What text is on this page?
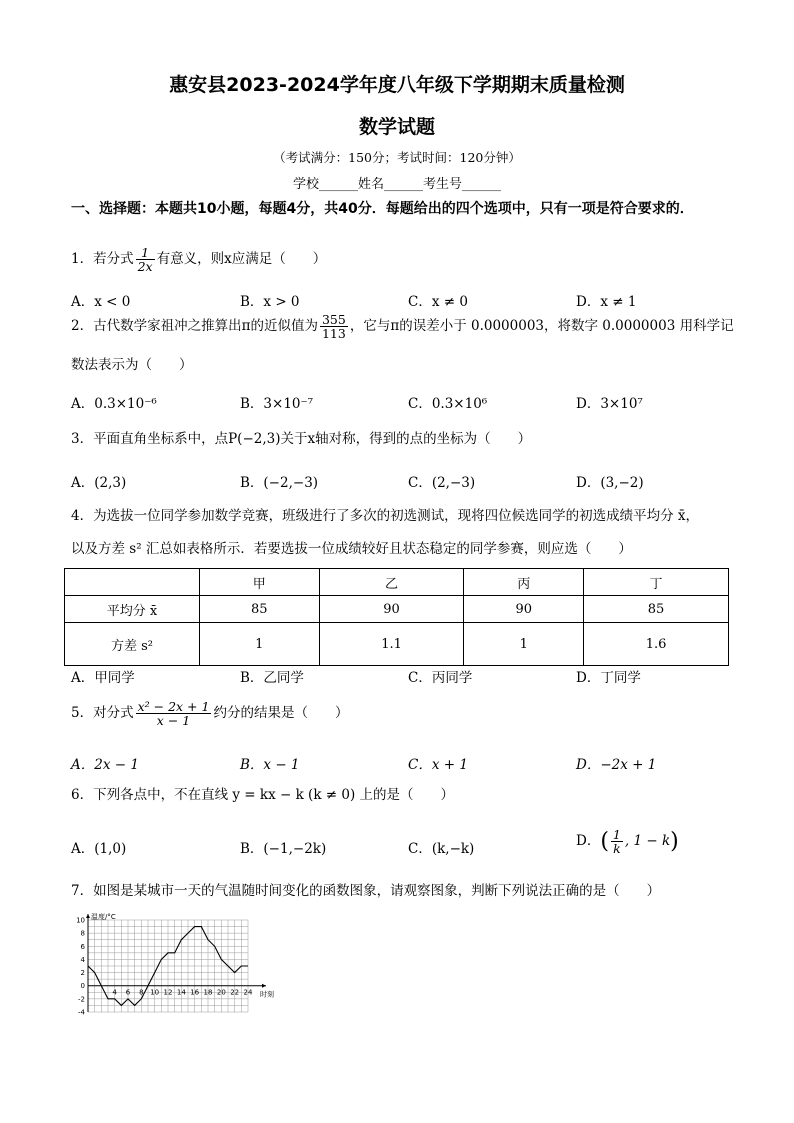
惠安县2023-2024学年度八年级下学期期末质量检测
数学试题
（考试满分：150分；考试时间：120分钟）
学校______姓名______考生号______
一、选择题：本题共10小题，每题4分，共40分．每题给出的四个选项中，只有一项是符合要求的．
1．若分式 $\frac{1}{2x}$ 有意义，则x应满足（　　）
A．x < 0	B．x > 0	C．x ≠ 0	D．x ≠ 1
2．古代数学家祖冲之推算出π的近似值为 $\frac{355}{113}$ ，它与π的误差小于 0.0000003，将数字 0.0000003 用科学记
数法表示为（　　）
A．0.3×10⁻⁶	B．3×10⁻⁷	C．0.3×10⁶	D．3×10⁷
3．平面直角坐标系中，点P(−2,3)关于x轴对称，得到的点的坐标为（　　）
A．(2,3)	B．(−2,−3)	C．(2,−3)	D．(3,−2)
4．为选拔一位同学参加数学竞赛，班级进行了多次的初选测试，现将四位候选同学的初选成绩平均分 x̄，
以及方差 s² 汇总如表格所示．若要选拔一位成绩较好且状态稳定的同学参赛，则应选（　　）
	甲	乙	丙	丁
平均分 x̄	85	90	90	85
方差 s²	1	1.1	1	1.6
A．甲同学	B．乙同学	C．丙同学	D．丁同学
5．对分式 $\frac{\text{x² − 2x + 1}}{x - 1}$ 约分的结果是（　　）
A．2x − 1	B．x − 1	C．x + 1	D．−2x + 1
6．下列各点中，不在直线 y = kx − k (k ≠ 0) 上的是（　　）
A．(1,0)	B．(−1,−2k)	C．(k,−k)	D．( $\frac{1}{k}$ , 1 − k)
7．如图是某城市一天的气温随时间变化的函数图象，请观察图象，判断下列说法正确的是（　　）
温度/°C
时刻
10
8
6
4
2
0
-2
-4
4 6 8 10 12 14 16 18 20 22 24
